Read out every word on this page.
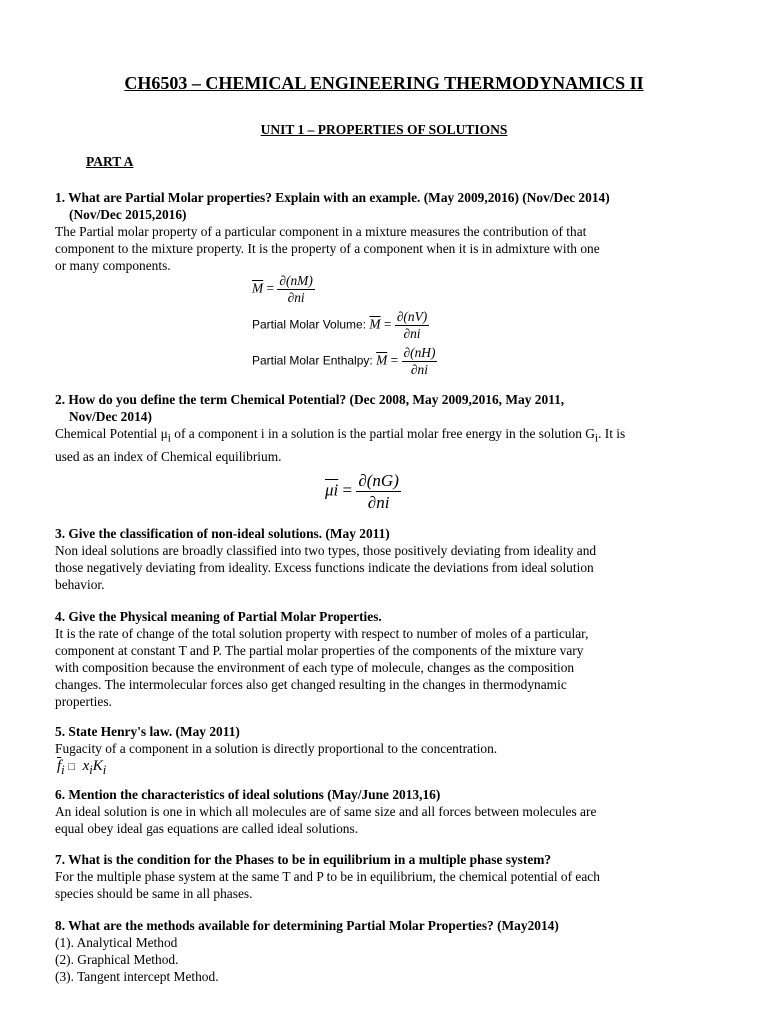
CH6503 – CHEMICAL ENGINEERING THERMODYNAMICS II
UNIT 1 – PROPERTIES OF SOLUTIONS
PART A
1. What are Partial Molar properties? Explain with an example. (May 2009,2016) (Nov/Dec 2014)
(Nov/Dec 2015,2016)
The Partial molar property of a particular component in a mixture measures the contribution of that
component to the mixture property. It is the property of a component when it is in admixture with one
or many components.
$\overline{M} = \frac{\partial(nM)}{\partial ni}$
Partial Molar Volume: $\overline{M} = \frac{\partial(nV)}{\partial ni}$
Partial Molar Enthalpy: $\overline{M} = \frac{\partial(nH)}{\partial ni}$
2. How do you define the term Chemical Potential? (Dec 2008, May 2009,2016, May 2011,
Nov/Dec 2014)
Chemical Potential $\mu_i$ of a component i in a solution is the partial molar free energy in the solution $G_i$. It is
used as an index of Chemical equilibrium.
$\overline{\mu i} = \frac{\partial(nG)}{\partial ni}$
3. Give the classification of non-ideal solutions. (May 2011)
Non ideal solutions are broadly classified into two types, those positively deviating from ideality and
those negatively deviating from ideality. Excess functions indicate the deviations from ideal solution
behavior.
4. Give the Physical meaning of Partial Molar Properties.
It is the rate of change of the total solution property with respect to number of moles of a particular,
component at constant T and P. The partial molar properties of the components of the mixture vary
with composition because the environment of each type of molecule, changes as the composition
changes. The intermolecular forces also get changed resulting in the changes in thermodynamic
properties.
5. State Henry's law. (May 2011)
Fugacity of a component in a solution is directly proportional to the concentration.
$\overline{f}_i$ □ $x_iK_i$
6. Mention the characteristics of ideal solutions (May/June 2013,16)
An ideal solution is one in which all molecules are of same size and all forces between molecules are
equal obey ideal gas equations are called ideal solutions.
7. What is the condition for the Phases to be in equilibrium in a multiple phase system?
For the multiple phase system at the same T and P to be in equilibrium, the chemical potential of each
species should be same in all phases.
8. What are the methods available for determining Partial Molar Properties? (May2014)
(1). Analytical Method
(2). Graphical Method.
(3). Tangent intercept Method.
